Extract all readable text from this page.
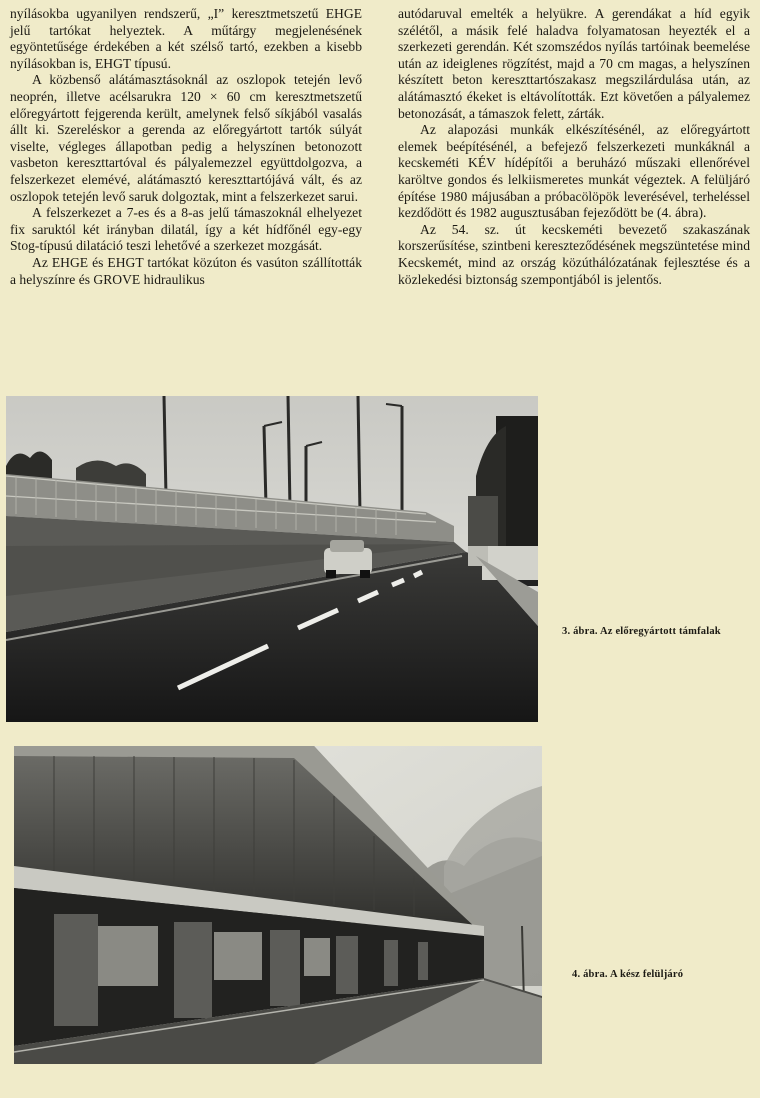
nyílásokba ugyanilyen rendszerű, „I” keresztmetszetű EHGE jelű tartókat helyeztek. A műtárgy megjelenésének egyöntetűsége érdekében a két szélső tartó, ezekben a kisebb nyílásokban is, EHGT típusú.

A közbenső alátámasztásoknál az oszlopok tetején levő neoprén, illetve acélsarukra 120 × 60 cm keresztmetszetű előregyártott fejgerenda került, amelynek felső síkjából vasalás állt ki. Szereléskor a gerenda az előregyártott tartók súlyát viselte, végleges állapotban pedig a helyszínen betonozott vasbeton kereszttartóval és pályalemezzel együttdolgozva, a felszerkezet elemévé, alátámasztó kereszttartójává vált, és az oszlopok tetején levő saruk dolgoztak, mint a felszerkezet sarui.

A felszerkezet a 7-es és a 8-as jelű támaszoknál elhelyezet fix saruktól két irányban dilatál, így a két hídfőnél egy-egy Stog-típusú dilatáció teszi lehetővé a szerkezet mozgását.

Az EHGE és EHGT tartókat közúton és vasúton szállították a helyszínre és GROVE hidraulikus

autódaruval emelték a helyükre. A gerendákat a híd egyik szélétől, a másik felé haladva folyamatosan heyezték el a szerkezeti gerendán. Két szomszédos nyílás tartóinak beemelése után az ideiglenes rögzítést, majd a 70 cm magas, a helyszínen készített beton kereszttartószakasz megszilárdulása után, az alátámasztó ékeket is eltávolították. Ezt követően a pályalemez betonozását, a támaszok felett, zárták.

Az alapozási munkák elkészítésénél, az előregyártott elemek beépítésénél, a befejező felszerkezeti munkáknál a kecskeméti KÉV hídépítői a beruházó műszaki ellenőrével karöltve gondos és lelkiismeretes munkát végeztek. A felüljáró építése 1980 májusában a próbacölöpök leverésével, terheléssel kezdődött és 1982 augusztusában fejeződött be (4. ábra).

Az 54. sz. út kecskeméti bevezető szakaszának korszerűsítése, szintbeni kereszteződésének megszüntetése mind Kecskemét, mind az ország közúthálózatának fejlesztése és a közlekedési biztonság szempontjából is jelentős.

3. ábra. Az előregyártott támfalak
4. ábra. A kész felüljáró
